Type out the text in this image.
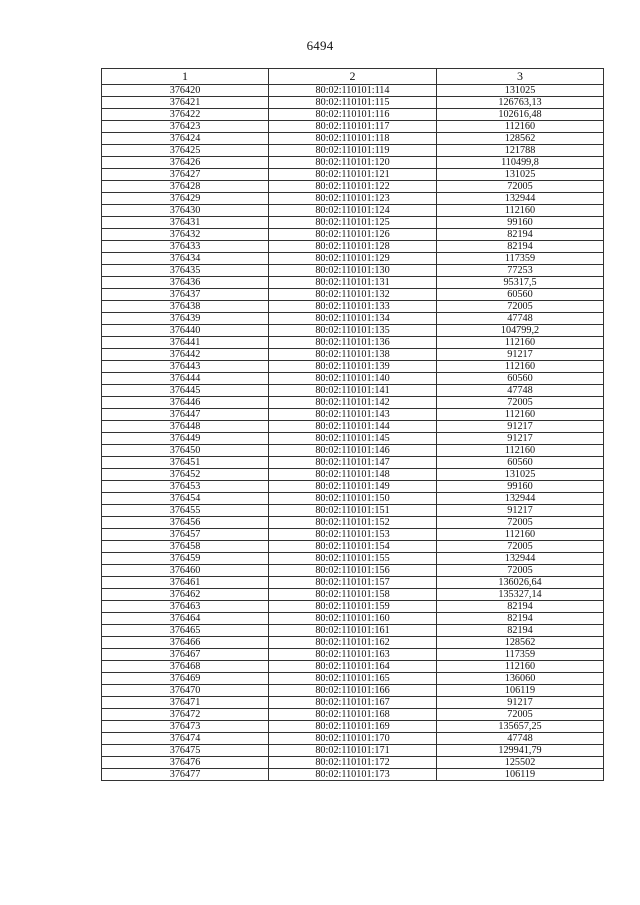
6494
1	2	3
376420	80:02:110101:114	131025
376421	80:02:110101:115	126763,13
376422	80:02:110101:116	102616,48
376423	80:02:110101:117	112160
376424	80:02:110101:118	128562
376425	80:02:110101:119	121788
376426	80:02:110101:120	110499,8
376427	80:02:110101:121	131025
376428	80:02:110101:122	72005
376429	80:02:110101:123	132944
376430	80:02:110101:124	112160
376431	80:02:110101:125	99160
376432	80:02:110101:126	82194
376433	80:02:110101:128	82194
376434	80:02:110101:129	117359
376435	80:02:110101:130	77253
376436	80:02:110101:131	95317,5
376437	80:02:110101:132	60560
376438	80:02:110101:133	72005
376439	80:02:110101:134	47748
376440	80:02:110101:135	104799,2
376441	80:02:110101:136	112160
376442	80:02:110101:138	91217
376443	80:02:110101:139	112160
376444	80:02:110101:140	60560
376445	80:02:110101:141	47748
376446	80:02:110101:142	72005
376447	80:02:110101:143	112160
376448	80:02:110101:144	91217
376449	80:02:110101:145	91217
376450	80:02:110101:146	112160
376451	80:02:110101:147	60560
376452	80:02:110101:148	131025
376453	80:02:110101:149	99160
376454	80:02:110101:150	132944
376455	80:02:110101:151	91217
376456	80:02:110101:152	72005
376457	80:02:110101:153	112160
376458	80:02:110101:154	72005
376459	80:02:110101:155	132944
376460	80:02:110101:156	72005
376461	80:02:110101:157	136026,64
376462	80:02:110101:158	135327,14
376463	80:02:110101:159	82194
376464	80:02:110101:160	82194
376465	80:02:110101:161	82194
376466	80:02:110101:162	128562
376467	80:02:110101:163	117359
376468	80:02:110101:164	112160
376469	80:02:110101:165	136060
376470	80:02:110101:166	106119
376471	80:02:110101:167	91217
376472	80:02:110101:168	72005
376473	80:02:110101:169	135657,25
376474	80:02:110101:170	47748
376475	80:02:110101:171	129941,79
376476	80:02:110101:172	125502
376477	80:02:110101:173	106119
